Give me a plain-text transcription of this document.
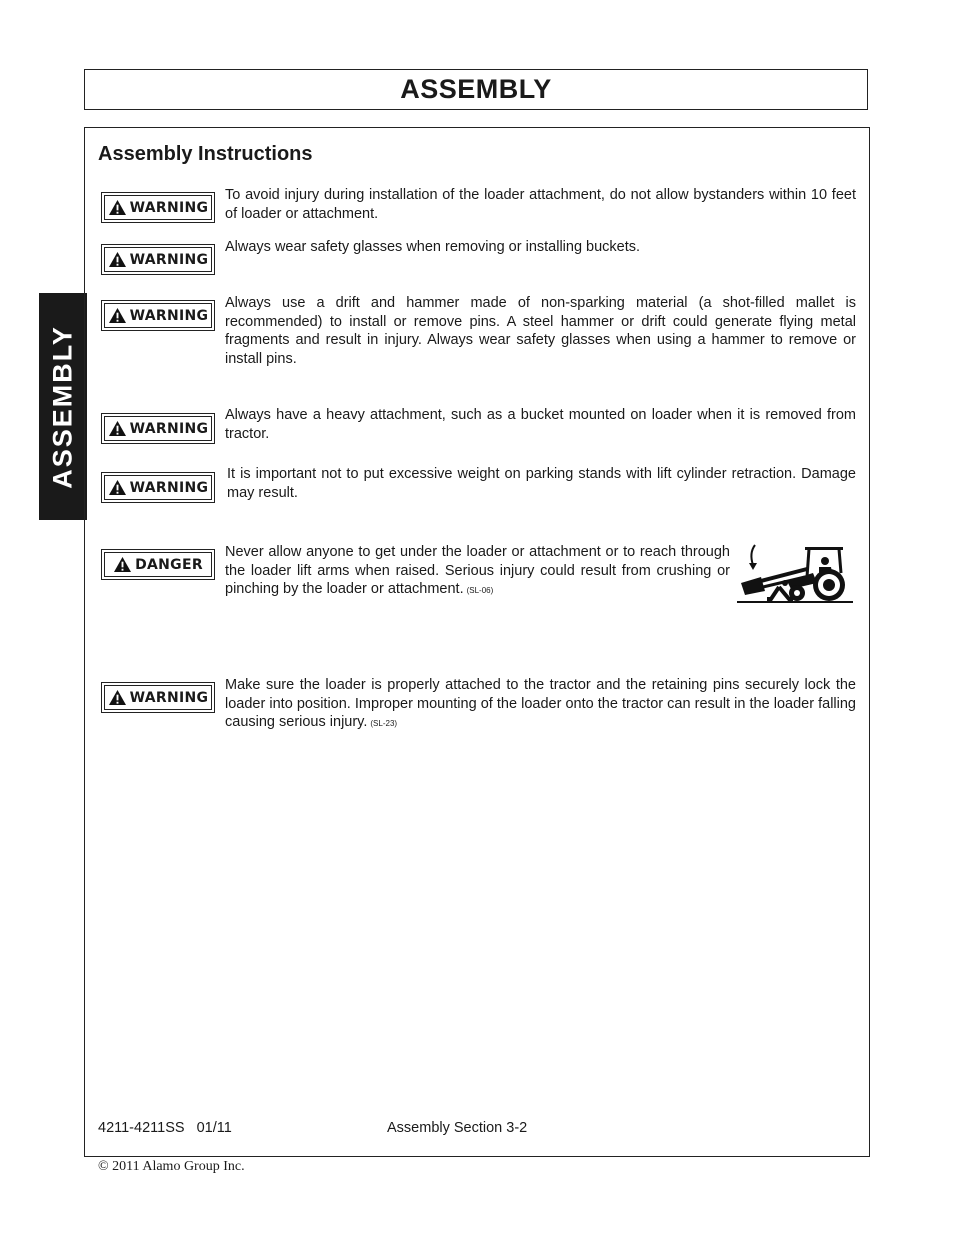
ASSEMBLY
ASSEMBLY
Assembly Instructions
WARNING

To avoid injury during installation of the loader attachment, do not allow bystanders within 10 feet of loader or attachment.

WARNING

Always wear safety glasses when removing or installing buckets.

WARNING

Always use a drift and hammer made of non-sparking material (a shot-filled mallet is recommended) to install or remove pins. A steel hammer or drift could generate flying metal fragments and result in injury. Always wear safety glasses when using a hammer to remove or install pins.

WARNING

Always have a heavy attachment, such as a bucket mounted on loader when it is removed from tractor.

WARNING

It is important not to put excessive weight on parking stands with lift cylinder retraction. Damage may result.

DANGER

Never allow anyone to get under the loader or attachment or to reach through the loader lift arms when raised. Serious injury could result from crushing or pinching by the loader or attachment. (SL-06)

WARNING

Make sure the loader is properly attached to the tractor and the retaining pins securely lock the loader into position. Improper mounting of the loader onto the tractor can result in the loader falling causing serious injury. (SL-23)

4211-4211SS   01/11	Assembly Section 3-2
© 2011 Alamo Group Inc.
